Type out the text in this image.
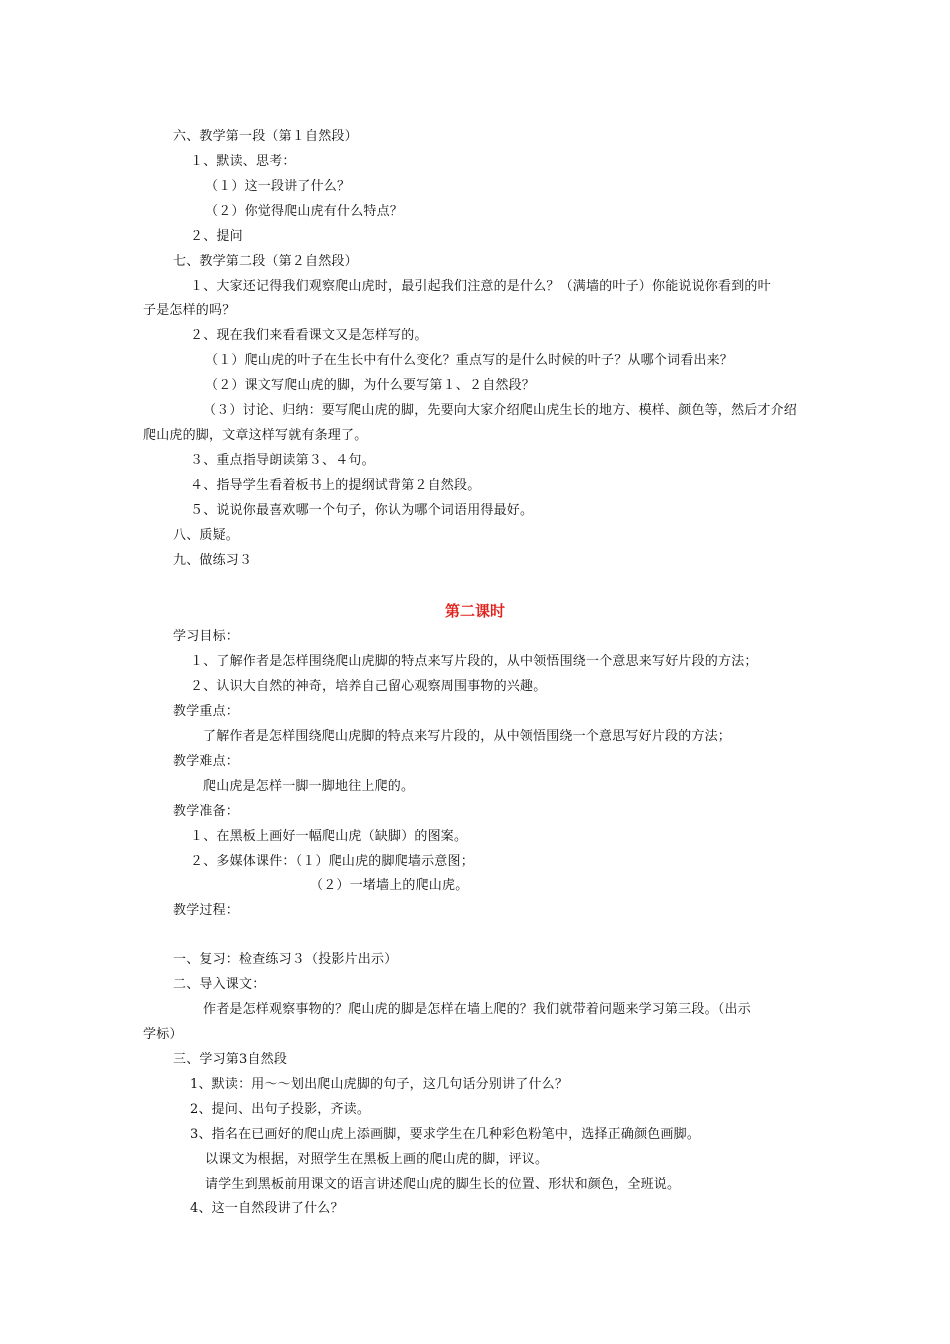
六、教学第一段（第１自然段）
１、默读、思考：
（１）这一段讲了什么？
（２）你觉得爬山虎有什么特点？
２、提问
七、教学第二段（第２自然段）
１、大家还记得我们观察爬山虎时，最引起我们注意的是什么？（满墙的叶子）你能说说你看到的叶
子是怎样的吗？
２、现在我们来看看课文又是怎样写的。
（１）爬山虎的叶子在生长中有什么变化？重点写的是什么时候的叶子？从哪个词看出来？
（２）课文写爬山虎的脚，为什么要写第１、２自然段？
（３）讨论、归纳：要写爬山虎的脚，先要向大家介绍爬山虎生长的地方、模样、颜色等，然后才介绍
爬山虎的脚，文章这样写就有条理了。
３、重点指导朗读第３、４句。
４、指导学生看着板书上的提纲试背第２自然段。
５、说说你最喜欢哪一个句子，你认为哪个词语用得最好。
八、质疑。
九、做练习３
第二课时
学习目标：
１、了解作者是怎样围绕爬山虎脚的特点来写片段的，从中领悟围绕一个意思来写好片段的方法；
２、认识大自然的神奇，培养自己留心观察周围事物的兴趣。
教学重点：
了解作者是怎样围绕爬山虎脚的特点来写片段的，从中领悟围绕一个意思写好片段的方法；
教学难点：
爬山虎是怎样一脚一脚地往上爬的。
教学准备：
１、在黑板上画好一幅爬山虎（缺脚）的图案。
２、多媒体课件：（１）爬山虎的脚爬墙示意图；
（２）一堵墙上的爬山虎。
教学过程：
一、复习：检查练习３（投影片出示）
二、导入课文：
作者是怎样观察事物的？爬山虎的脚是怎样在墙上爬的？我们就带着问题来学习第三段。（出示
学标）
三、学习第3自然段
1、默读：用～～划出爬山虎脚的句子，这几句话分别讲了什么？
2、提问、出句子投影，齐读。
3、指名在已画好的爬山虎上添画脚，要求学生在几种彩色粉笔中，选择正确颜色画脚。
以课文为根据，对照学生在黑板上画的爬山虎的脚，评议。
请学生到黑板前用课文的语言讲述爬山虎的脚生长的位置、形状和颜色，全班说。
4、这一自然段讲了什么？
